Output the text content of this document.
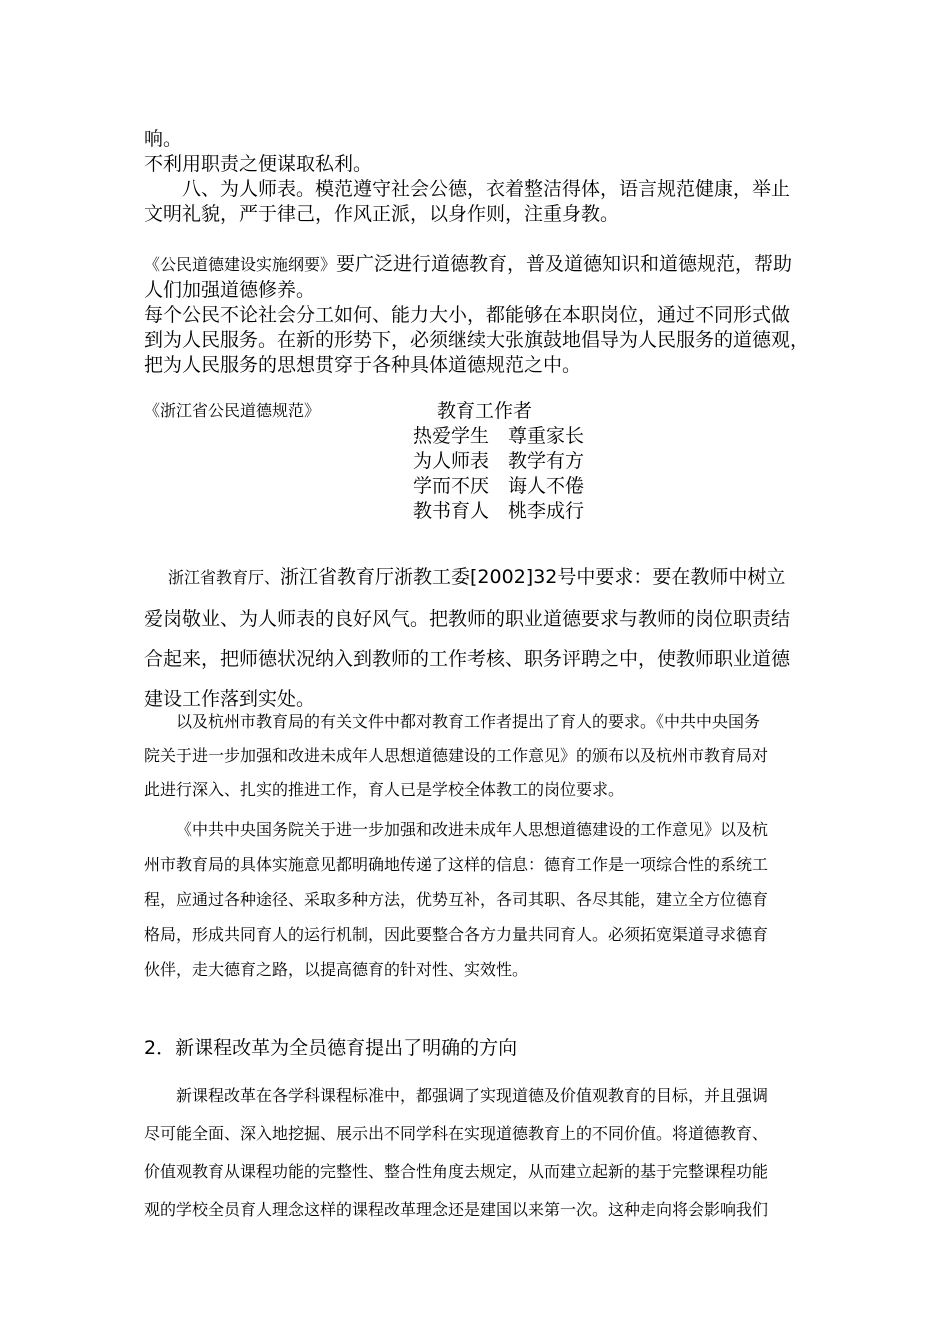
响。
不利用职责之便谋取私利。
　　八、为人师表。模范遵守社会公德，衣着整洁得体，语言规范健康，举止
文明礼貌，严于律己，作风正派，以身作则，注重身教。
《公民道德建设实施纲要》要广泛进行道德教育，普及道德知识和道德规范，帮助
人们加强道德修养。
每个公民不论社会分工如何、能力大小，都能够在本职岗位，通过不同形式做
到为人民服务。在新的形势下，必须继续大张旗鼓地倡导为人民服务的道德观，
把为人民服务的思想贯穿于各种具体道德规范之中。
《浙江省公民道德规范》	教育工作者
热爱学生　尊重家长
为人师表　教学有方
学而不厌　诲人不倦
教书育人　桃李成行
浙江省教育厅、浙江省教育厅浙教工委[2002]32号中要求：要在教师中树立
爱岗敬业、为人师表的良好风气。把教师的职业道德要求与教师的岗位职责结
合起来，把师德状况纳入到教师的工作考核、职务评聘之中，使教师职业道德
建设工作落到实处。
以及杭州市教育局的有关文件中都对教育工作者提出了育人的要求。《中共中央国务
院关于进一步加强和改进未成年人思想道德建设的工作意见》的颁布以及杭州市教育局对
此进行深入、扎实的推进工作，育人已是学校全体教工的岗位要求。
《中共中央国务院关于进一步加强和改进未成年人思想道德建设的工作意见》以及杭
州市教育局的具体实施意见都明确地传递了这样的信息：德育工作是一项综合性的系统工
程，应通过各种途径、采取多种方法，优势互补，各司其职、各尽其能，建立全方位德育
格局，形成共同育人的运行机制，因此要整合各方力量共同育人。必须拓宽渠道寻求德育
伙伴，走大德育之路，以提高德育的针对性、实效性。
2．新课程改革为全员德育提出了明确的方向
新课程改革在各学科课程标准中，都强调了实现道德及价值观教育的目标，并且强调
尽可能全面、深入地挖掘、展示出不同学科在实现道德教育上的不同价值。将道德教育、
价值观教育从课程功能的完整性、整合性角度去规定，从而建立起新的基于完整课程功能
观的学校全员育人理念这样的课程改革理念还是建国以来第一次。这种走向将会影响我们
